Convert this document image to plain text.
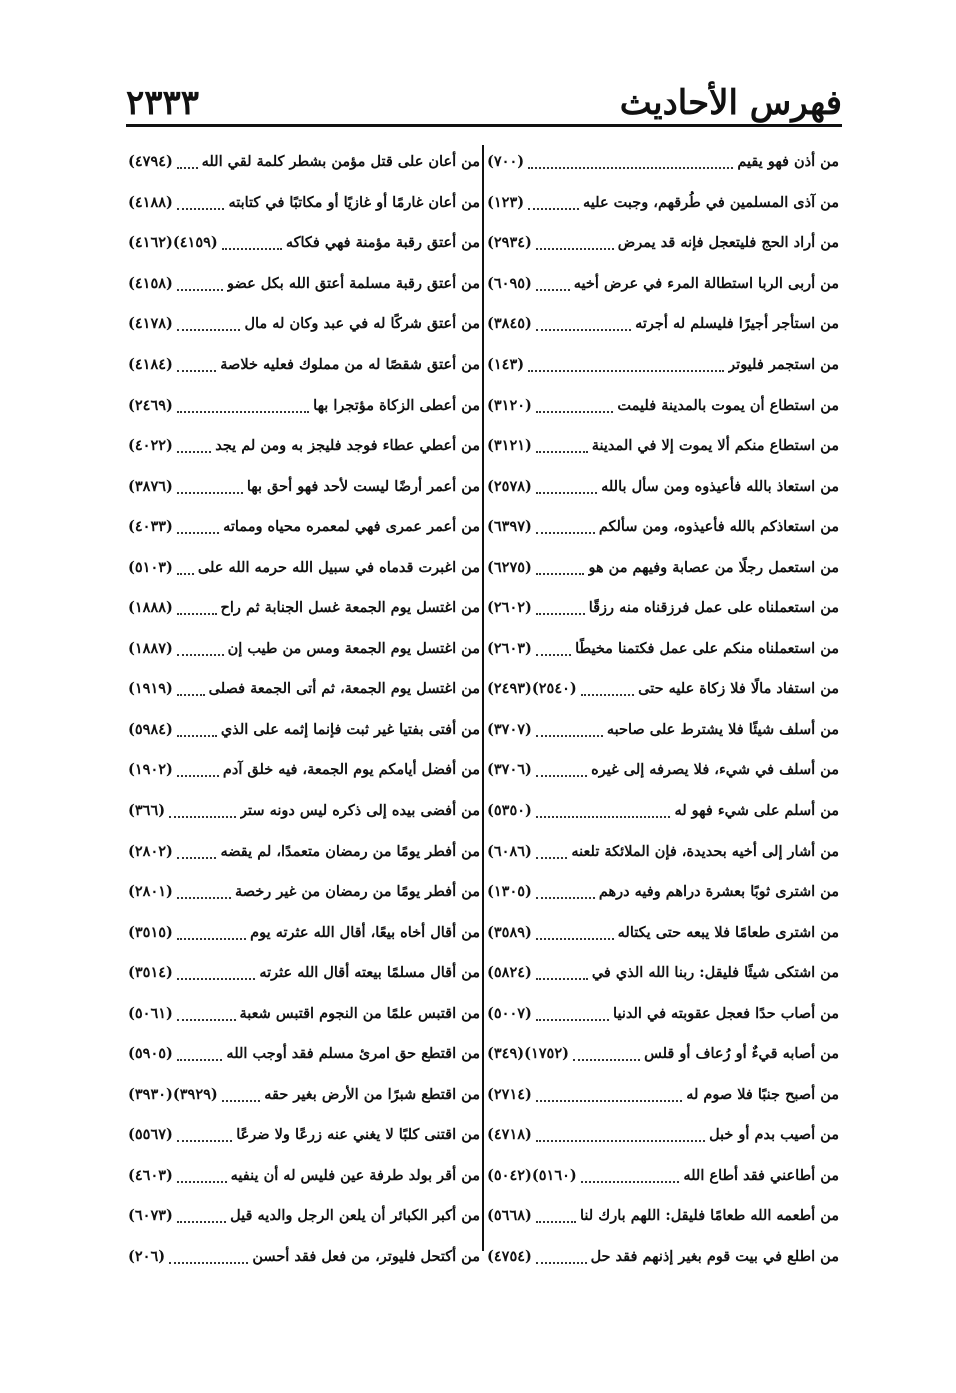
فهرس الأحاديث
٢٣٣٣
من أذن فهو يقيم
(٧٠٠)
من آذى المسلمين في طُرقهم، وجبت عليه
(١٢٣)
من أراد الحج فليتعجل فإنه قد يمرض
(٢٩٣٤)
من أربى الربا استطالة المرء في عرض أخيه
(٦٠٩٥)
من استأجر أجيرًا فليسلم له أجرته
(٣٨٤٥)
من استجمر فليوتر
(١٤٣)
من استطاع أن يموت بالمدينة فليمت
(٣١٢٠)
من استطاع منكم ألا يموت إلا في المدينة
(٣١٢١)
من استعاذ بالله فأعيذوه ومن سأل بالله
(٢٥٧٨)
من استعاذكم بالله فأعيذوه، ومن سألكم
(٦٣٩٧)
من استعمل رجلًا من عصابة وفيهم من هو
(٦٢٧٥)
من استعملناه على عمل فرزقناه منه رزقًا
(٢٦٠٢)
من استعملناه منكم على عمل فكتمنا مخيطًا
(٢٦٠٣)
من استفاد مالًا فلا زكاة عليه حتى
(٢٤٩٣)(٢٥٤٠)
من أسلف شيئًا فلا يشترط على صاحبه
(٣٧٠٧)
من أسلف في شيء، فلا يصرفه إلى غيره
(٣٧٠٦)
من أسلم على شيء فهو له
(٥٣٥٠)
من أشار إلى أخيه بحديدة، فإن الملائكة تلعنه
(٦٠٨٦)
من اشترى ثوبًا بعشرة دراهم وفيه درهم
(١٣٠٥)
من اشترى طعامًا فلا يبعه حتى يكتاله
(٣٥٨٩)
من اشتكى شيئًا فليقل: ربنا الله الذي في
(٥٨٢٤)
من أصاب حدًا فعجل عقوبته في الدنيا
(٥٠٠٧)
من أصابه قيءٌ أو رُعاف أو قلس
(٣٤٩)(١٧٥٢)
من أصبح جنبًا فلا صوم له
(٢٧١٤)
من أصيب بدم أو خبل
(٤٧١٨)
من أطاعني فقد أطاع الله
(٥٠٤٢)(٥١٦٠)
من أطعمه الله طعامًا فليقل: اللهم بارك لنا
(٥٦٦٨)
من اطلع في بيت قوم بغير إذنهم فقد حل
(٤٧٥٤)
من أعان على قتل مؤمن بشطر كلمة لقي الله
(٤٧٩٤)
من أعان غارمًا أو غازيًا أو مكاتبًا في كتابته
(٤١٨٨)
من أعتق رقبة مؤمنة فهي فكاكه
(٤١٦٢)(٤١٥٩)
من أعتق رقبة مسلمة أعتق الله بكل عضو
(٤١٥٨)
من أعتق شركًا له في عبد وكان له مال
(٤١٧٨)
من أعتق شقصًا له من مملوك فعليه خلاصة
(٤١٨٤)
من أعطى الزكاة مؤتجرا بها
(٢٤٦٩)
من أعطي عطاء فوجد فليجز به ومن لم يجد
(٤٠٢٢)
من أعمر أرضًا ليست لأحد فهو أحق بها
(٣٨٧٦)
من أعمر عمرى فهي لمعمره محياه ومماته
(٤٠٣٣)
من اغبرت قدماه في سبيل الله حرمه الله على
(٥١٠٣)
من اغتسل يوم الجمعة غسل الجنابة ثم راح
(١٨٨٨)
من اغتسل يوم الجمعة ومس من طيب إن
(١٨٨٧)
من اغتسل يوم الجمعة، ثم أتى الجمعة فصلى
(١٩١٩)
من أفتى بفتيا غير ثبت فإنما إثمه على الذي
(٥٩٨٤)
من أفضل أيامكم يوم الجمعة، فيه خلق آدم
(١٩٠٢)
من أفضى بيده إلى ذكره ليس دونه ستر
(٣٦٦)
من أفطر يومًا من رمضان متعمدًا، لم يقضه
(٢٨٠٢)
من أفطر يومًا من رمضان من غير رخصة
(٢٨٠١)
من أقال أخاه بيعًا، أقال الله عثرته يوم
(٣٥١٥)
من أقال مسلمًا بيعته أقال الله عثرته
(٣٥١٤)
من اقتبس علمًا من النجوم اقتبس شعبة
(٥٠٦١)
من اقتطع حق امرئ مسلم فقد أوجب الله
(٥٩٠٥)
من اقتطع شبرًا من الأرض بغير حقه
(٣٩٣٠)(٣٩٢٩)
من اقتنى كلبًا لا يغني عنه زرعًا ولا ضرعًا
(٥٥٦٧)
من أقر بولد طرفة عين فليس له أن ينفيه
(٤٦٠٣)
من أكبر الكبائر أن يلعن الرجل والديه قيل
(٦٠٧٣)
من أكتحل فليوتر، من فعل فقد أحسن
(٢٠٦)
